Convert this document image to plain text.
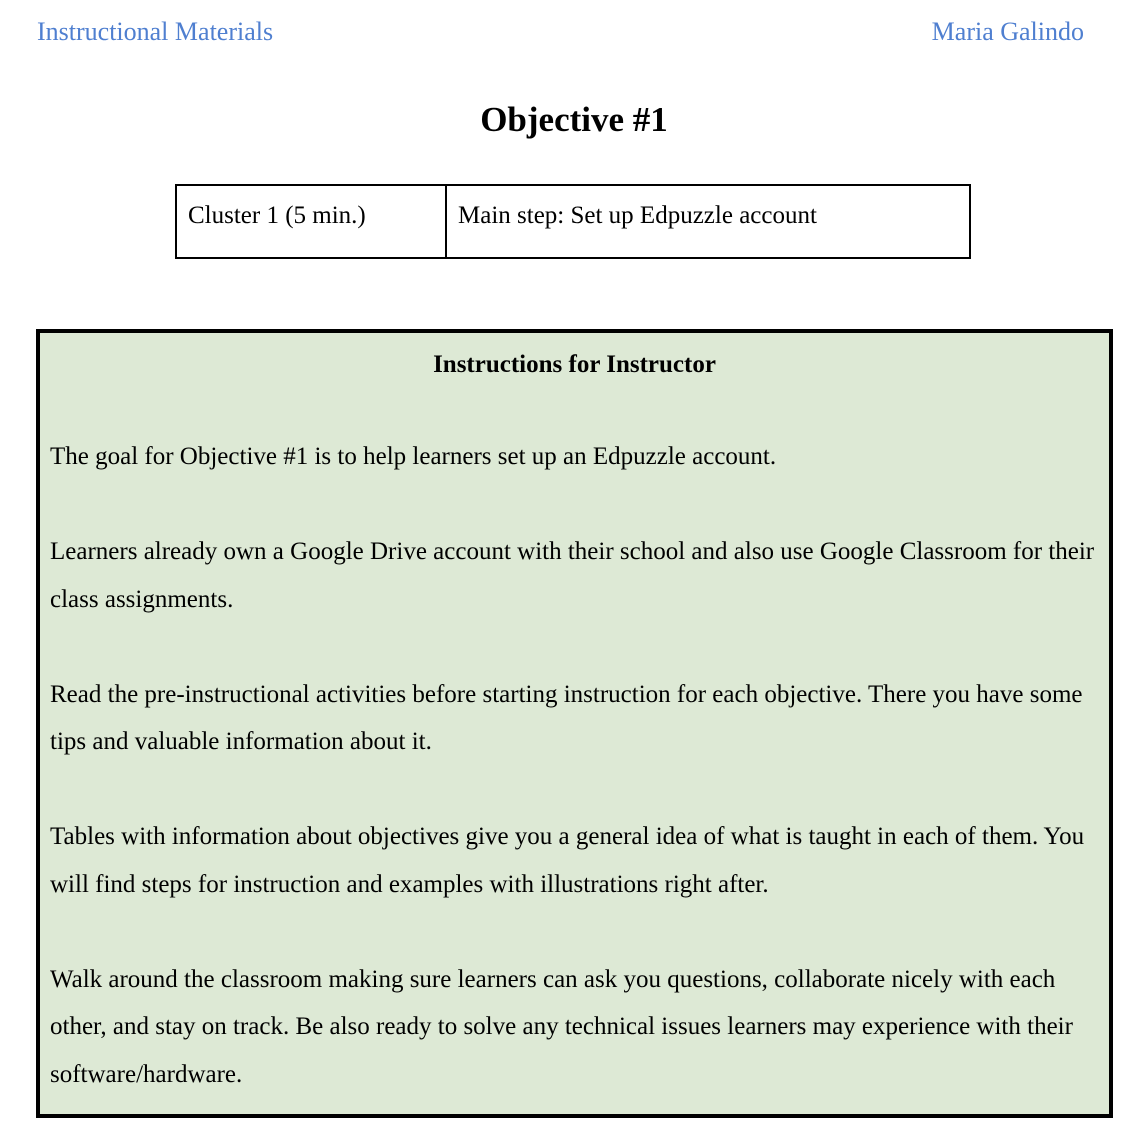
Instructional Materials	Maria Galindo
Objective #1
Cluster 1 (5 min.)	Main step: Set up Edpuzzle account
Instructions for Instructor

The goal for Objective #1 is to help learners set up an Edpuzzle account.

Learners already own a Google Drive account with their school and also use Google Classroom for their class assignments.

Read the pre-instructional activities before starting instruction for each objective. There you have some tips and valuable information about it.

Tables with information about objectives give you a general idea of what is taught in each of them. You will find steps for instruction and examples with illustrations right after.

Walk around the classroom making sure learners can ask you questions, collaborate nicely with each other, and stay on track. Be also ready to solve any technical issues learners may experience with their software/hardware.
